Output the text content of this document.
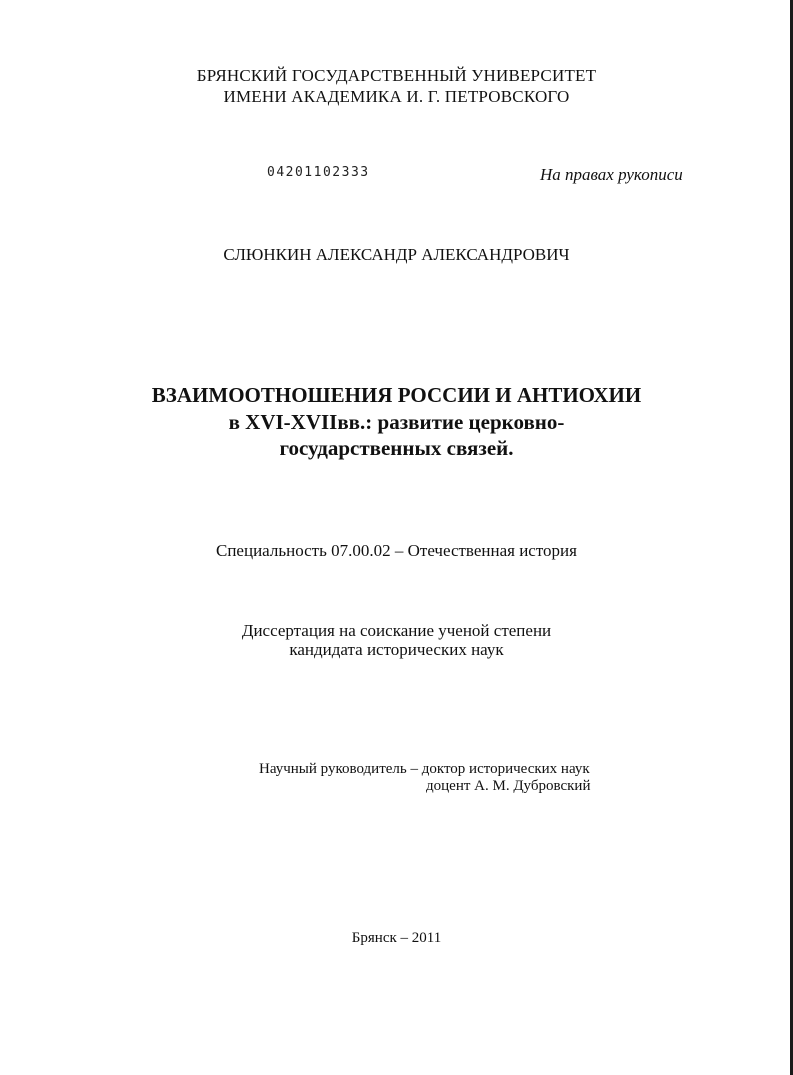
БРЯНСКИЙ ГОСУДАРСТВЕННЫЙ УНИВЕРСИТЕТ
ИМЕНИ АКАДЕМИКА И. Г. ПЕТРОВСКОГО
04201102333	На правах рукописи
СЛЮНКИН АЛЕКСАНДР АЛЕКСАНДРОВИЧ
ВЗАИМООТНОШЕНИЯ РОССИИ И АНТИОХИИ
в XVI-XVIIвв.: развитие церковно-
государственных связей.
Специальность 07.00.02 – Отечественная история
Диссертация на соискание ученой степени
кандидата исторических наук
Научный руководитель – доктор исторических наук
доцент А. М. Дубровский
Брянск – 2011
